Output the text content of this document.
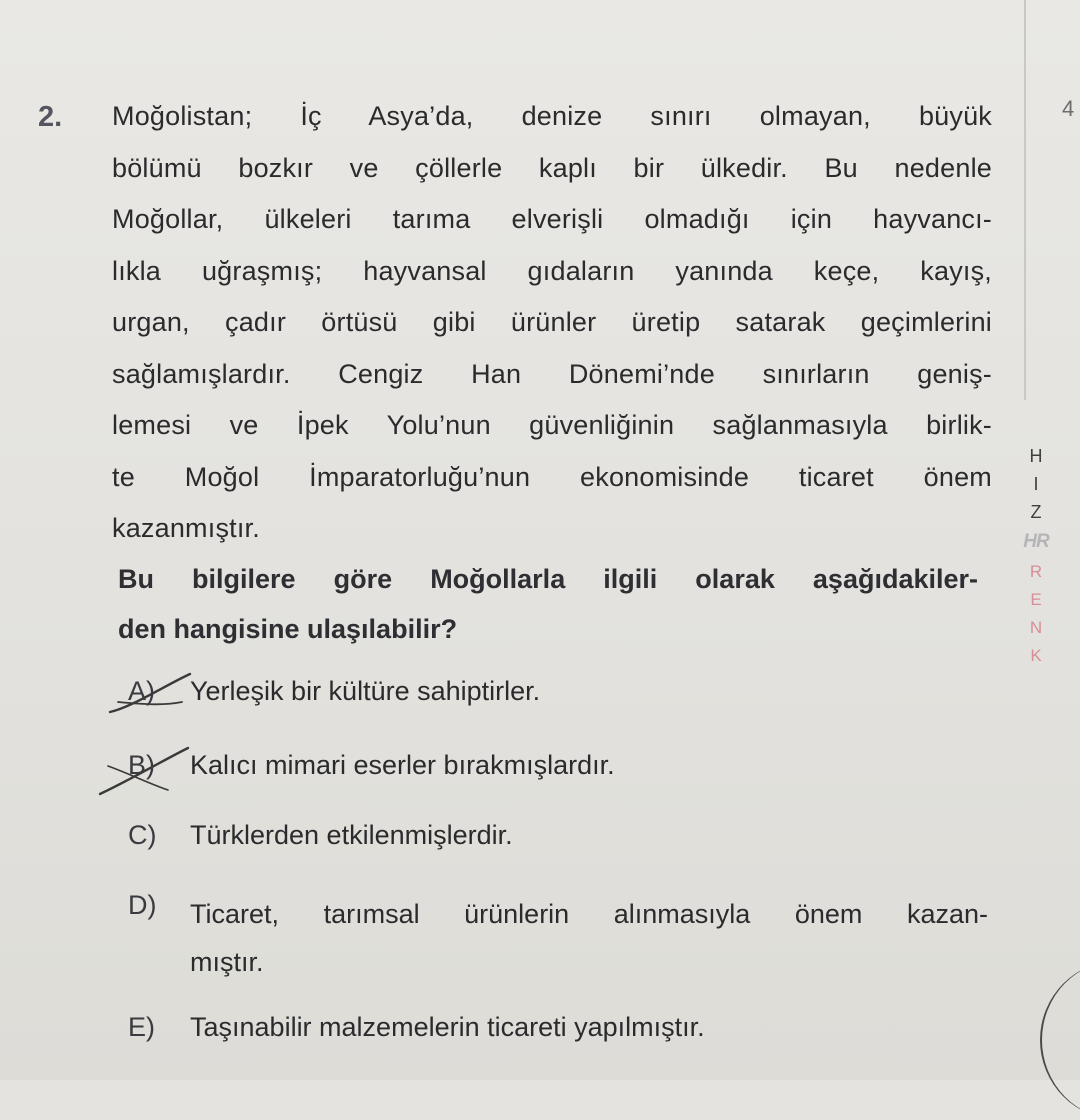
4
2. Moğolistan; İç Asya’da, denize sınırı olmayan, büyük
bölümü bozkır ve çöllerle kaplı bir ülkedir. Bu nedenle
Moğollar, ülkeleri tarıma elverişli olmadığı için hayvancı-
lıkla uğraşmış; hayvansal gıdaların yanında keçe, kayış,
urgan, çadır örtüsü gibi ürünler üretip satarak geçimlerini
sağlamışlardır. Cengiz Han Dönemi’nde sınırların geniş-
lemesi ve İpek Yolu’nun güvenliğinin sağlanmasıyla birlik-
te Moğol İmparatorluğu’nun ekonomisinde ticaret önem
kazanmıştır.
Bu bilgilere göre Moğollarla ilgili olarak aşağıdakiler-
den hangisine ulaşılabilir?
A)	Yerleşik bir kültüre sahiptirler.
B)	Kalıcı mimari eserler bırakmışlardır.
C)	Türklerden etkilenmişlerdir.
D)	Ticaret, tarımsal ürünlerin alınmasıyla önem kazan-
mıştır.
E)	Taşınabilir malzemelerin ticareti yapılmıştır.
H
I
Z
HR
R
E
N
K
